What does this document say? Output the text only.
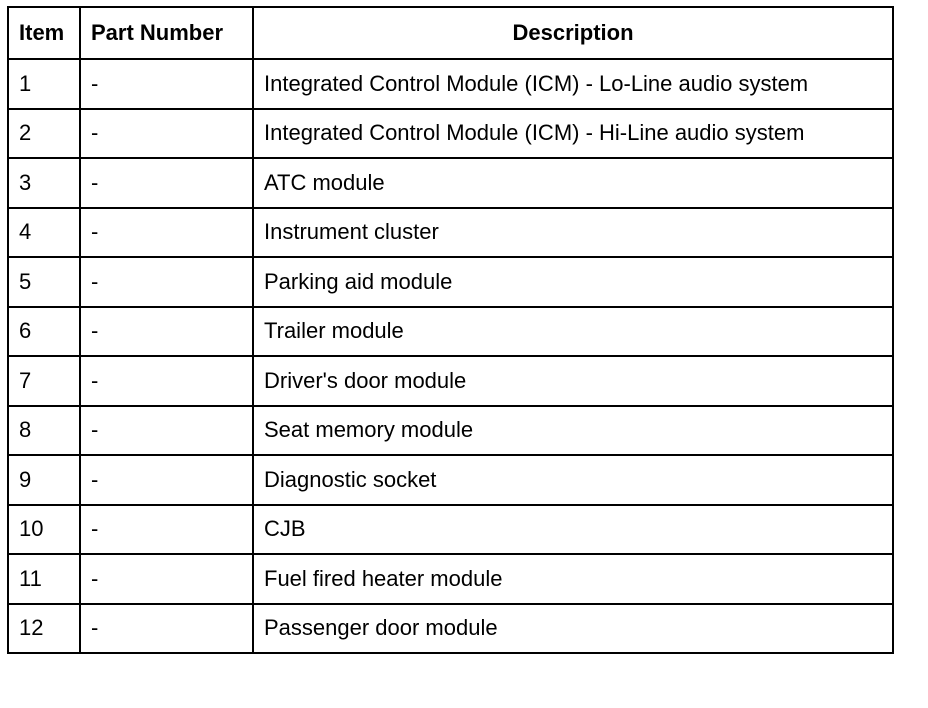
Item	Part Number	Description
1	-	Integrated Control Module (ICM) - Lo-Line audio system
2	-	Integrated Control Module (ICM) - Hi-Line audio system
3	-	ATC module
4	-	Instrument cluster
5	-	Parking aid module
6	-	Trailer module
7	-	Driver's door module
8	-	Seat memory module
9	-	Diagnostic socket
10	-	CJB
11	-	Fuel fired heater module
12	-	Passenger door module
